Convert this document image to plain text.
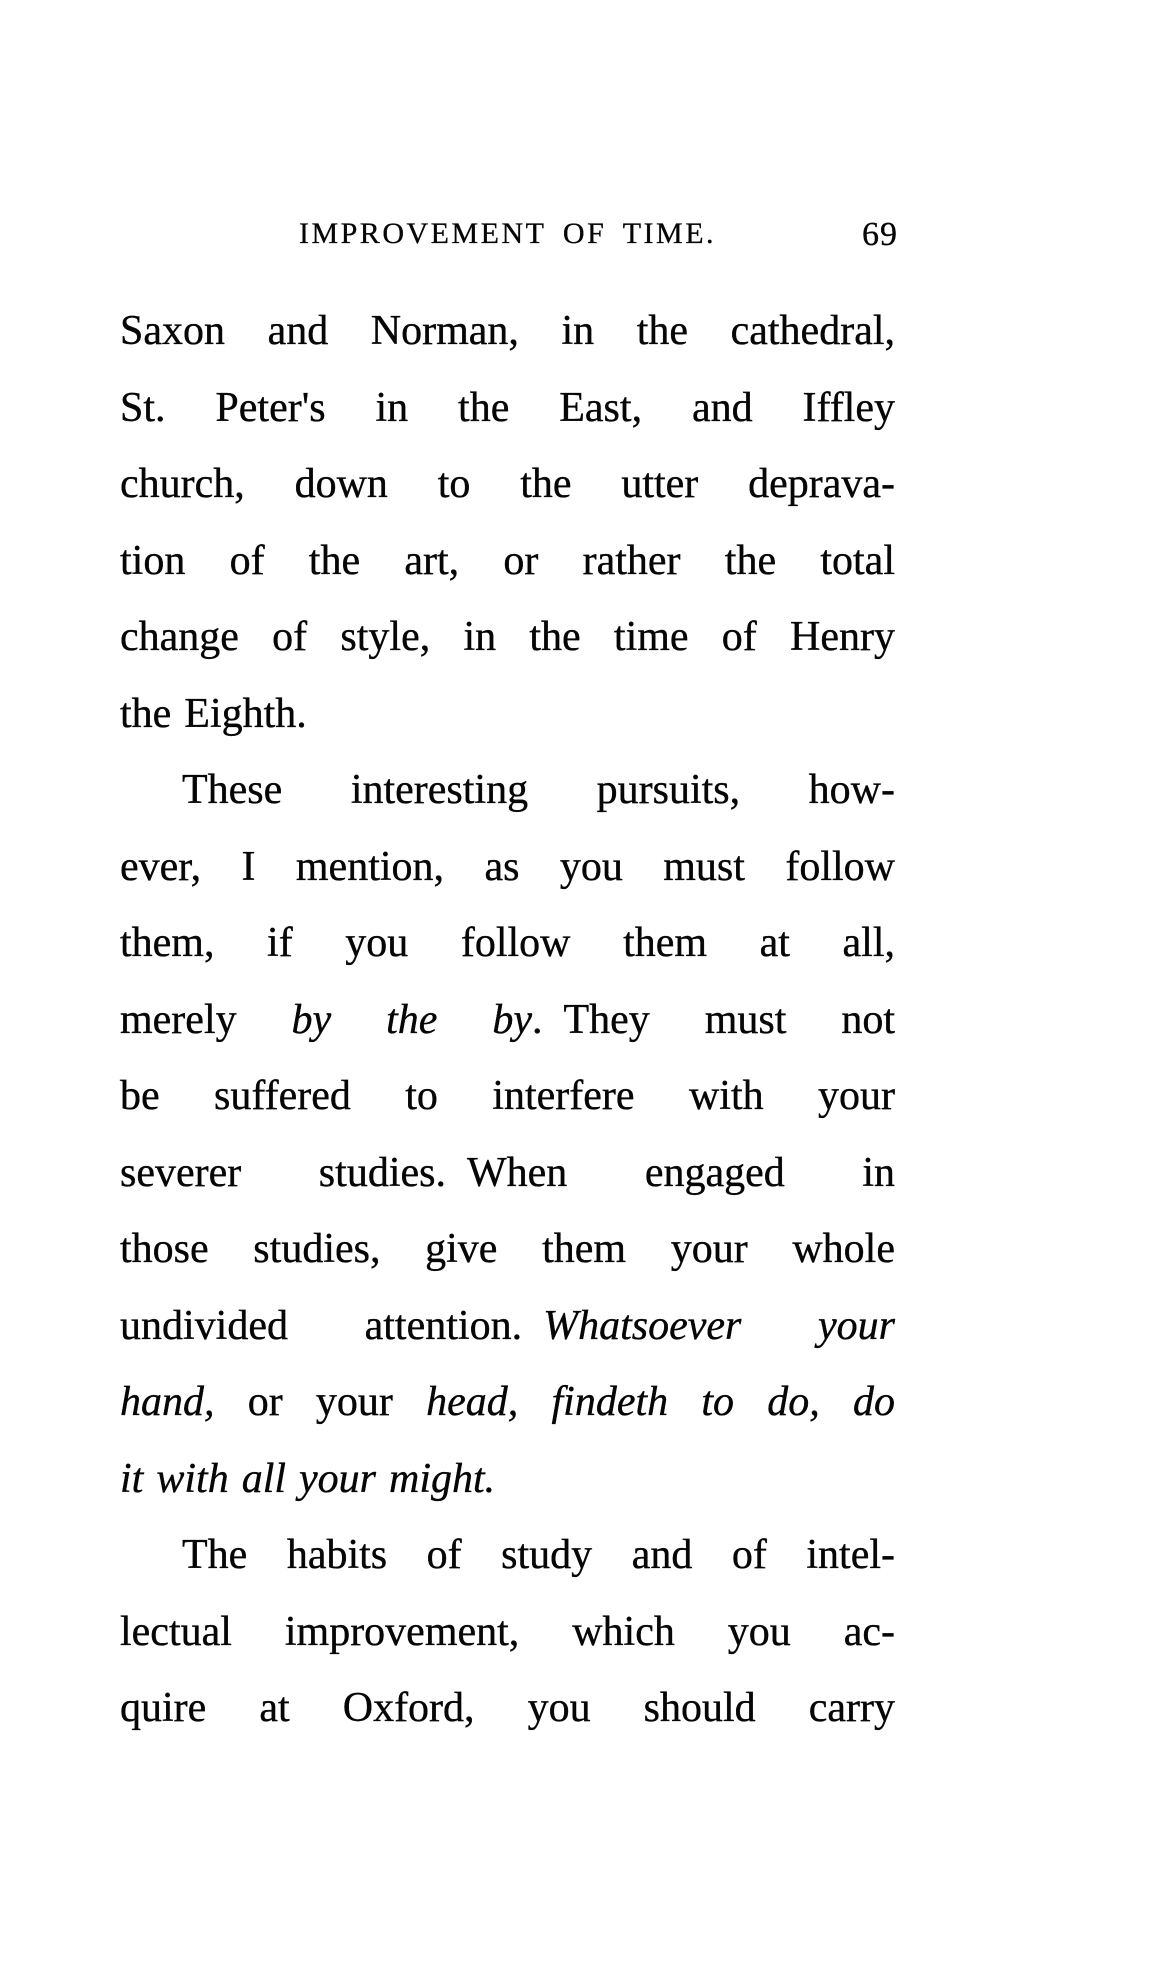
IMPROVEMENT OF TIME.	69
Saxon and Norman, in the cathedral,
St. Peter's in the East, and Iffley
church, down to the utter deprava-
tion of the art, or rather the total
change of style, in the time of Henry
the Eighth.
These interesting pursuits, how-
ever, I mention, as you must follow
them, if you follow them at all,
merely by the by. They must not
be suffered to interfere with your
severer studies. When engaged in
those studies, give them your whole
undivided attention. Whatsoever your
hand, or your head, findeth to do, do
it with all your might.
The habits of study and of intel-
lectual improvement, which you ac-
quire at Oxford, you should carry
